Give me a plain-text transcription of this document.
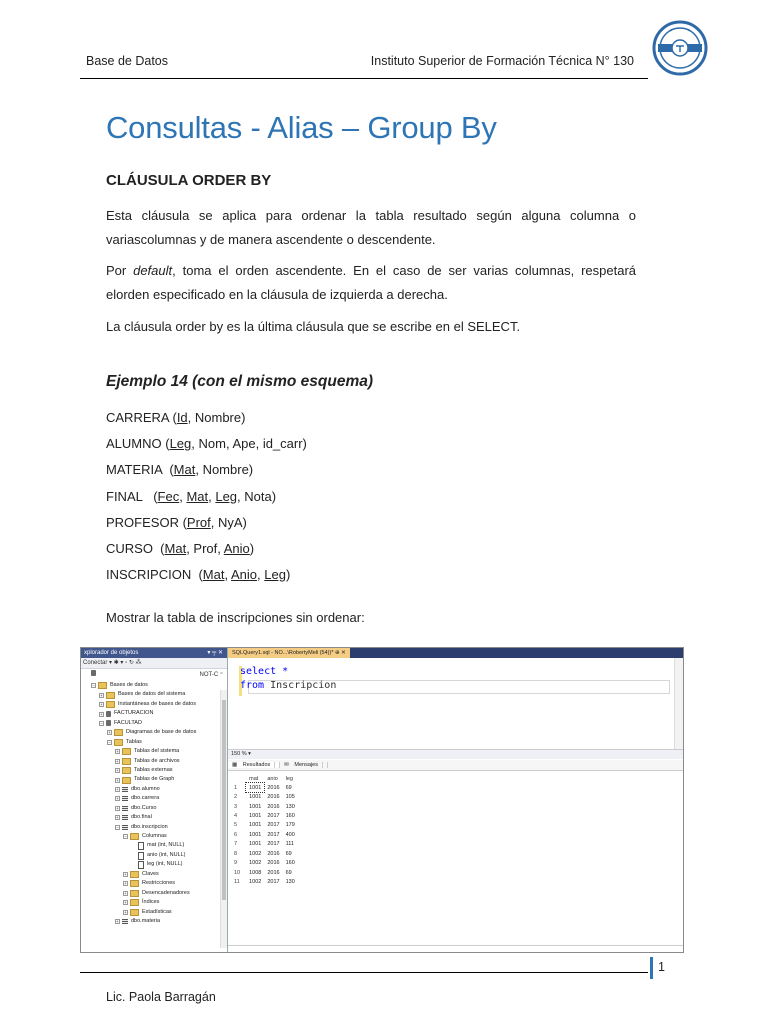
Base de Datos	Instituto Superior de Formación Técnica N° 130
Consultas - Alias – Group By
CLÁUSULA ORDER BY

Esta cláusula se aplica para ordenar la tabla resultado según alguna columna o variascolumnas y de manera ascendente o descendente.

Por default, toma el orden ascendente. En el caso de ser varias columnas, respetará elorden especificado en la cláusula de izquierda a derecha.

La cláusula order by es la última cláusula que se escribe en el SELECT.

Ejemplo 14 (con el mismo esquema)
CARRERA (Id, Nombre)
ALUMNO (Leg, Nom, Ape, id_carr)
MATERIA  (Mat, Nombre)
FINAL   (Fec, Mat, Leg, Nota)
PROFESOR (Prof, NyA)
CURSO  (Mat, Prof, Anio)
INSCRIPCION  (Mat, Anio, Leg)

Mostrar la tabla de inscripciones sin ordenar:

xplorador de objetos	▾ ╤ ✕
Conectar ▾ ✱ ▾ ▫ ↻ ⁂
NOT-C ⁼
−	Bases de datos
+	Bases de datos del sistema
+	Instantáneas de bases de datos
+ FACTURACION
− FACULTAD
+	Diagramas de base de datos
−	Tablas
+	Tablas del sistema
+	Tablas de archivos
+	Tablas externas
+	Tablas de Graph
+ dbo.alumno
+ dbo.carrera
+ dbo.Curso
+ dbo.final
− dbo.inscripcion
−	Columnas
mat (int, NULL)
anio (int, NULL)
leg (int, NULL)
+	Claves
+	Restricciones
+	Desencadenadores
+	Índices
+	Estadísticas
+ dbo.materia
SQLQuery1.sql - NO...\RobertyMeli (54))* ⊕ ✕
select *
from Inscripcion
150 % ▾
▦ Resultados	✉ Mensajes
	mat	anio	leg
1	1001	2016	69
2	1001	2016	105
3	1001	2016	130
4	1001	2017	160
5	1001	2017	179
6	1001	2017	400
7	1001	2017	111
8	1002	2016	69
9	1002	2016	160
10	1008	2016	69
11	1002	2017	130

Lic. Paola Barragán

1
